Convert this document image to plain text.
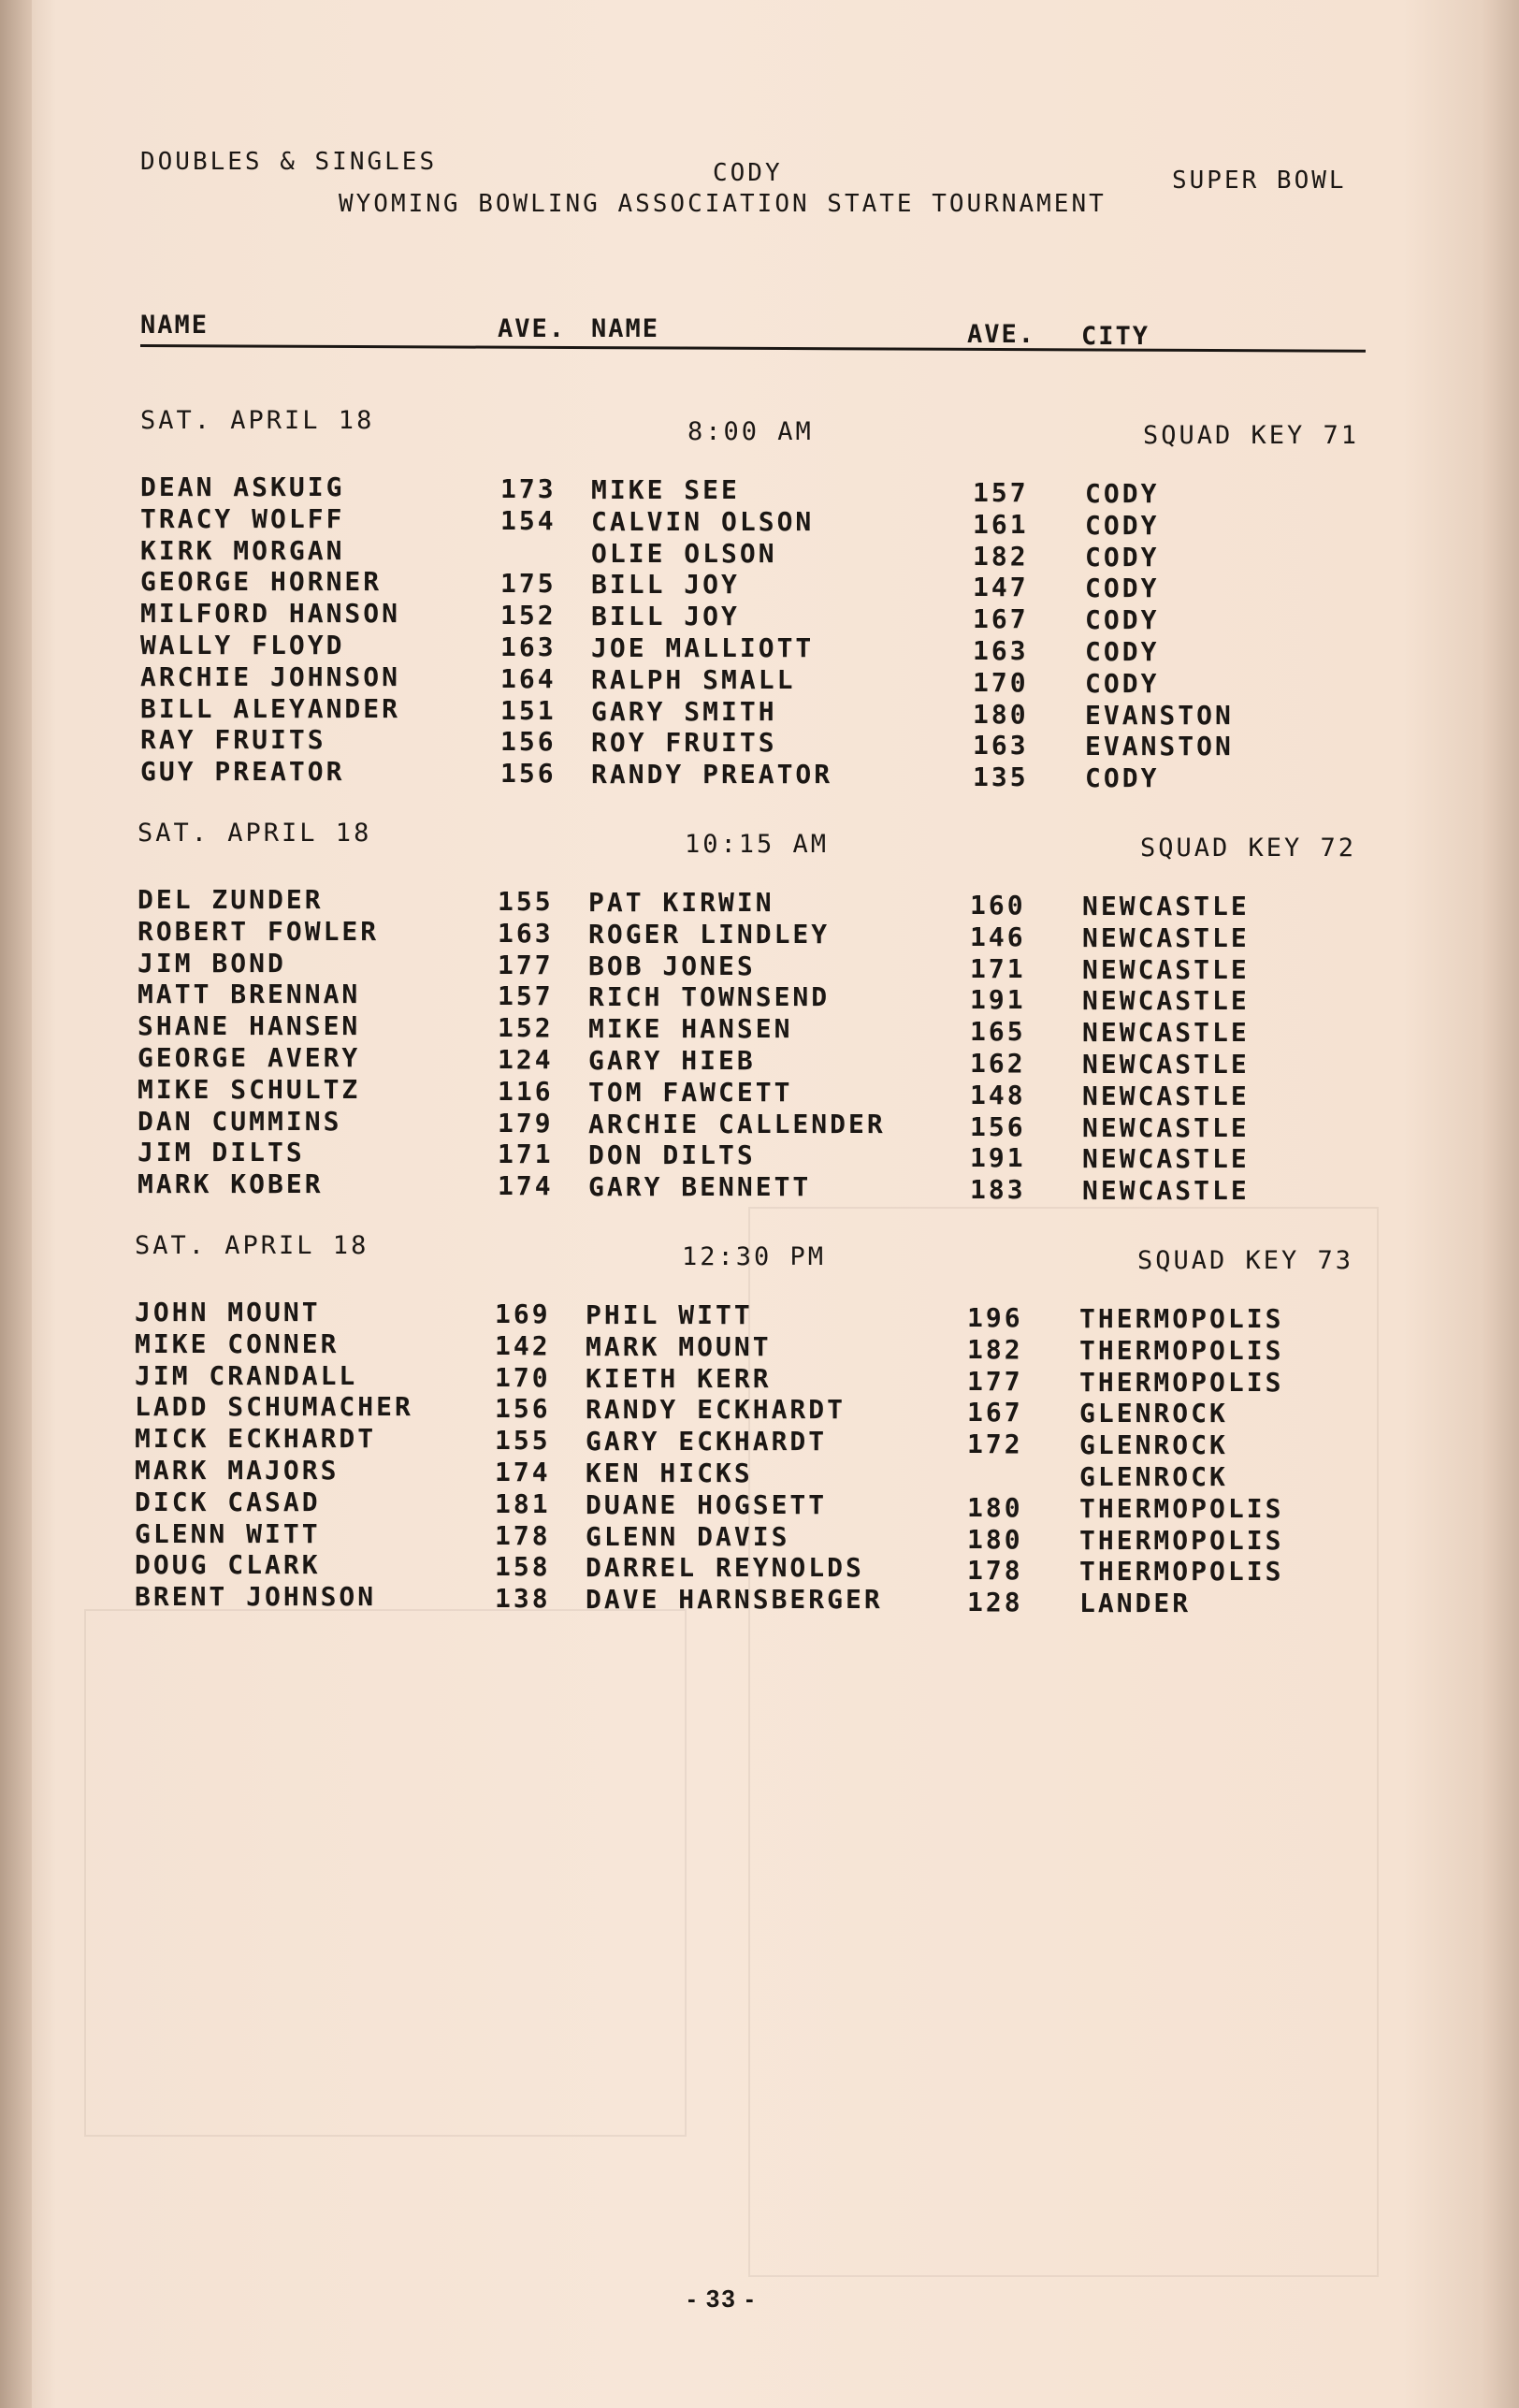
DOUBLES & SINGLES	CODY	SUPER BOWL
WYOMING BOWLING ASSOCIATION STATE TOURNAMENT
NAME	AVE. NAME	AVE. CITY
SAT. APRIL 18	8:00 AM	SQUAD KEY 71
DEAN ASKUIG	173 MIKE SEE	157 CODY
TRACY WOLFF	154 CALVIN OLSON	161 CODY
KIRK MORGAN	OLIE OLSON	182 CODY
GEORGE HORNER	175 BILL JOY	147 CODY
MILFORD HANSON	152 BILL JOY	167 CODY
WALLY FLOYD	163 JOE MALLIOTT	163 CODY
ARCHIE JOHNSON	164 RALPH SMALL	170 CODY
BILL ALEYANDER	151 GARY SMITH	180 EVANSTON
RAY FRUITS	156 ROY FRUITS	163 EVANSTON
GUY PREATOR	156 RANDY PREATOR	135 CODY
SAT. APRIL 18	10:15 AM	SQUAD KEY 72
DEL ZUNDER	155 PAT KIRWIN	160 NEWCASTLE
ROBERT FOWLER	163 ROGER LINDLEY	146 NEWCASTLE
JIM BOND	177 BOB JONES	171 NEWCASTLE
MATT BRENNAN	157 RICH TOWNSEND	191 NEWCASTLE
SHANE HANSEN	152 MIKE HANSEN	165 NEWCASTLE
GEORGE AVERY	124 GARY HIEB	162 NEWCASTLE
MIKE SCHULTZ	116 TOM FAWCETT	148 NEWCASTLE
DAN CUMMINS	179 ARCHIE CALLENDER	156 NEWCASTLE
JIM DILTS	171 DON DILTS	191 NEWCASTLE
MARK KOBER	174 GARY BENNETT	183 NEWCASTLE
SAT. APRIL 18	12:30 PM	SQUAD KEY 73
JOHN MOUNT	169 PHIL WITT	196 THERMOPOLIS
MIKE CONNER	142 MARK MOUNT	182 THERMOPOLIS
JIM CRANDALL	170 KIETH KERR	177 THERMOPOLIS
LADD SCHUMACHER	156 RANDY ECKHARDT	167 GLENROCK
MICK ECKHARDT	155 GARY ECKHARDT	172 GLENROCK
MARK MAJORS	174 KEN HICKS	GLENROCK
DICK CASAD	181 DUANE HOGSETT	180 THERMOPOLIS
GLENN WITT	178 GLENN DAVIS	180 THERMOPOLIS
DOUG CLARK	158 DARREL REYNOLDS	178 THERMOPOLIS
BRENT JOHNSON	138 DAVE HARNSBERGER	128 LANDER
- 33 -
